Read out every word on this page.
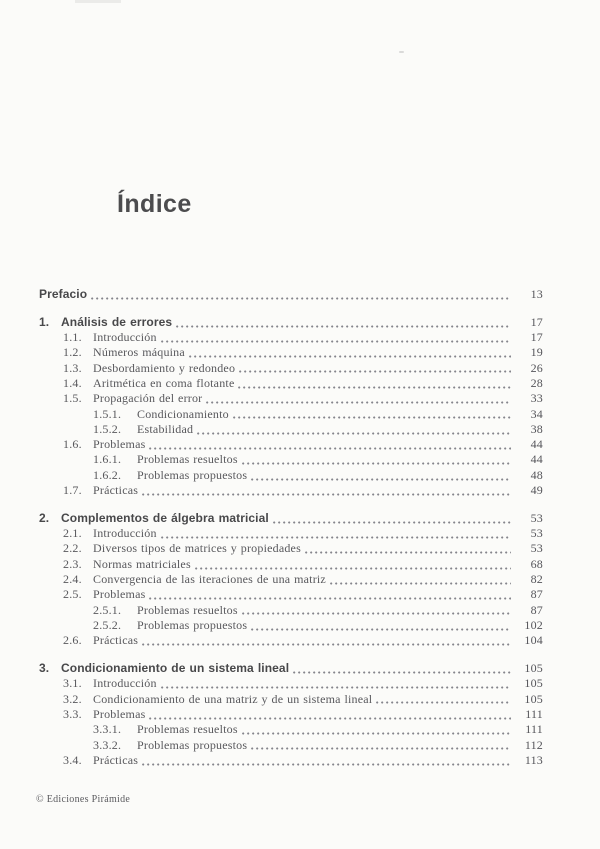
Índice
Prefacio	13
1. Análisis de errores	17
1.1. Introducción	17
1.2. Números máquina	19
1.3. Desbordamiento y redondeo	26
1.4. Aritmética en coma flotante	28
1.5. Propagación del error	33
1.5.1.	Condicionamiento	34
1.5.2.	Estabilidad	38
1.6. Problemas	44
1.6.1.	Problemas resueltos	44
1.6.2.	Problemas propuestos	48
1.7. Prácticas	49
2. Complementos de álgebra matricial	53
2.1. Introducción	53
2.2. Diversos tipos de matrices y propiedades	53
2.3. Normas matriciales	68
2.4. Convergencia de las iteraciones de una matriz	82
2.5. Problemas	87
2.5.1.	Problemas resueltos	87
2.5.2.	Problemas propuestos	102
2.6. Prácticas	104
3. Condicionamiento de un sistema lineal	105
3.1. Introducción	105
3.2. Condicionamiento de una matriz y de un sistema lineal	105
3.3. Problemas	111
3.3.1.	Problemas resueltos	111
3.3.2.	Problemas propuestos	112
3.4. Prácticas	113
© Ediciones Pirámide
